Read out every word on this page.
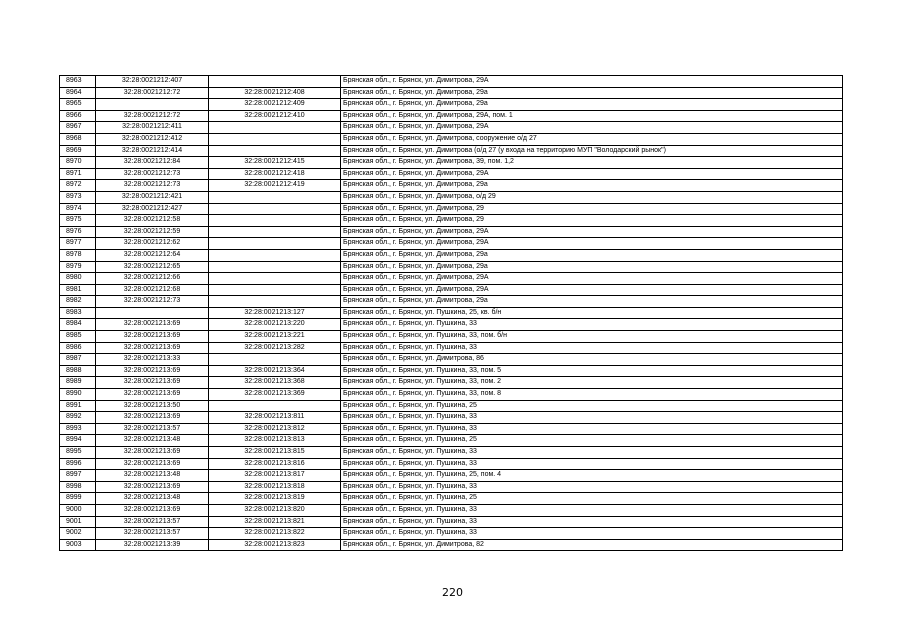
8963	32:28:0021212:407		Брянская обл., г. Брянск, ул. Димитрова, 29А
8964	32:28:0021212:72	32:28:0021212:408	Брянская обл., г. Брянск, ул. Димитрова, 29а
8965		32:28:0021212:409	Брянская обл., г. Брянск, ул. Димитрова, 29а
8966	32:28:0021212:72	32:28:0021212:410	Брянская обл., г. Брянск, ул. Димитрова, 29А, пом. 1
8967	32:28:0021212:411		Брянская обл., г. Брянск, ул. Димитрова, 29А
8968	32:28:0021212:412		Брянская обл., г. Брянск, ул. Димитрова, сооружение о/д 27
8969	32:28:0021212:414		Брянская обл., г. Брянск, ул. Димитрова (о/д 27 (у входа на территорию МУП "Володарский рынок")
8970	32:28:0021212:84	32:28:0021212:415	Брянская обл., г. Брянск, ул. Димитрова, 39, пом. 1,2
8971	32:28:0021212:73	32:28:0021212:418	Брянская обл., г. Брянск, ул. Димитрова, 29А
8972	32:28:0021212:73	32:28:0021212:419	Брянская обл., г. Брянск, ул. Димитрова, 29а
8973	32:28:0021212:421		Брянская обл., г. Брянск, ул. Димитрова, о/д 29
8974	32:28:0021212:427		Брянская обл., г. Брянск, ул. Димитрова, 29
8975	32:28:0021212:58		Брянская обл., г. Брянск, ул. Димитрова, 29
8976	32:28:0021212:59		Брянская обл., г. Брянск, ул. Димитрова, 29А
8977	32:28:0021212:62		Брянская обл., г. Брянск, ул. Димитрова, 29А
8978	32:28:0021212:64		Брянская обл., г. Брянск, ул. Димитрова, 29а
8979	32:28:0021212:65		Брянская обл., г. Брянск, ул. Димитрова, 29а
8980	32:28:0021212:66		Брянская обл., г. Брянск, ул. Димитрова, 29А
8981	32:28:0021212:68		Брянская обл., г. Брянск, ул. Димитрова, 29А
8982	32:28:0021212:73		Брянская обл., г. Брянск, ул. Димитрова, 29а
8983		32:28:0021213:127	Брянская обл., г. Брянск, ул. Пушкина, 25, кв. б/н
8984	32:28:0021213:69	32:28:0021213:220	Брянская обл., г. Брянск, ул. Пушкина, 33
8985	32:28:0021213:69	32:28:0021213:221	Брянская обл., г. Брянск, ул. Пушкина, 33, пом. б/н
8986	32:28:0021213:69	32:28:0021213:282	Брянская обл., г. Брянск, ул. Пушкина, 33
8987	32:28:0021213:33		Брянская обл., г. Брянск, ул. Димитрова, 86
8988	32:28:0021213:69	32:28:0021213:364	Брянская обл., г. Брянск, ул. Пушкина, 33, пом. 5
8989	32:28:0021213:69	32:28:0021213:368	Брянская обл., г. Брянск, ул. Пушкина, 33, пом. 2
8990	32:28:0021213:69	32:28:0021213:369	Брянская обл., г. Брянск, ул. Пушкина, 33, пом. 8
8991	32:28:0021213:50		Брянская обл., г. Брянск, ул. Пушкина, 25
8992	32:28:0021213:69	32:28:0021213:811	Брянская обл., г. Брянск, ул. Пушкина, 33
8993	32:28:0021213:57	32:28:0021213:812	Брянская обл., г. Брянск, ул. Пушкина, 33
8994	32:28:0021213:48	32:28:0021213:813	Брянская обл., г. Брянск, ул. Пушкина, 25
8995	32:28:0021213:69	32:28:0021213:815	Брянская обл., г. Брянск, ул. Пушкина, 33
8996	32:28:0021213:69	32:28:0021213:816	Брянская обл., г. Брянск, ул. Пушкина, 33
8997	32:28:0021213:48	32:28:0021213:817	Брянская обл., г. Брянск, ул. Пушкина, 25, пом. 4
8998	32:28:0021213:69	32:28:0021213:818	Брянская обл., г. Брянск, ул. Пушкина, 33
8999	32:28:0021213:48	32:28:0021213:819	Брянская обл., г. Брянск, ул. Пушкина, 25
9000	32:28:0021213:69	32:28:0021213:820	Брянская обл., г. Брянск, ул. Пушкина, 33
9001	32:28:0021213:57	32:28:0021213:821	Брянская обл., г. Брянск, ул. Пушкина, 33
9002	32:28:0021213:57	32:28:0021213:822	Брянская обл., г. Брянск, ул. Пушкина, 33
9003	32:28:0021213:39	32:28:0021213:823	Брянская обл., г. Брянск, ул. Димитрова, 82
220
